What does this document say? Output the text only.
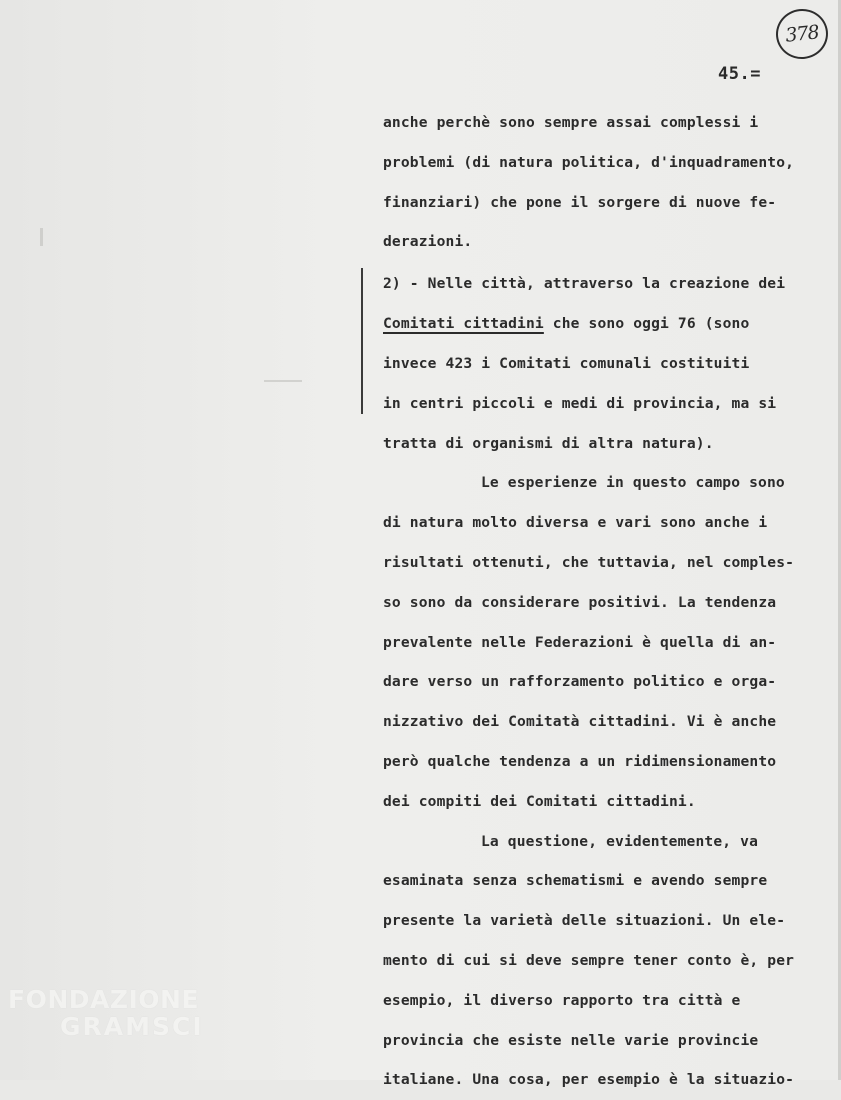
378
45.=
anche perchè sono sempre assai complessi i
problemi (di natura politica, d'inquadramento,
finanziari) che pone il sorgere di nuove fe-
derazioni.
2) - Nelle città, attraverso la creazione dei
Comitati cittadini che sono oggi 76 (sono
invece 423 i Comitati comunali costituiti
in centri piccoli e medi di provincia, ma si
tratta di organismi di altra natura).
Le esperienze in questo campo sono
di natura molto diversa e vari sono anche i
risultati ottenuti, che tuttavia, nel comples-
so sono da considerare positivi. La tendenza
prevalente nelle Federazioni è quella di an-
dare verso un rafforzamento politico e orga-
nizzativo dei Comitatà cittadini. Vi è anche
però qualche tendenza a un ridimensionamento
dei compiti dei Comitati cittadini.
La questione, evidentemente, va
esaminata senza schematismi e avendo sempre
presente la varietà delle situazioni. Un ele-
mento di cui si deve sempre tener conto è, per
esempio, il diverso rapporto tra città e
provincia che esiste nelle varie provincie
italiane. Una cosa, per esempio è la situazio-
FONDAZIONE
GRAMSCI
